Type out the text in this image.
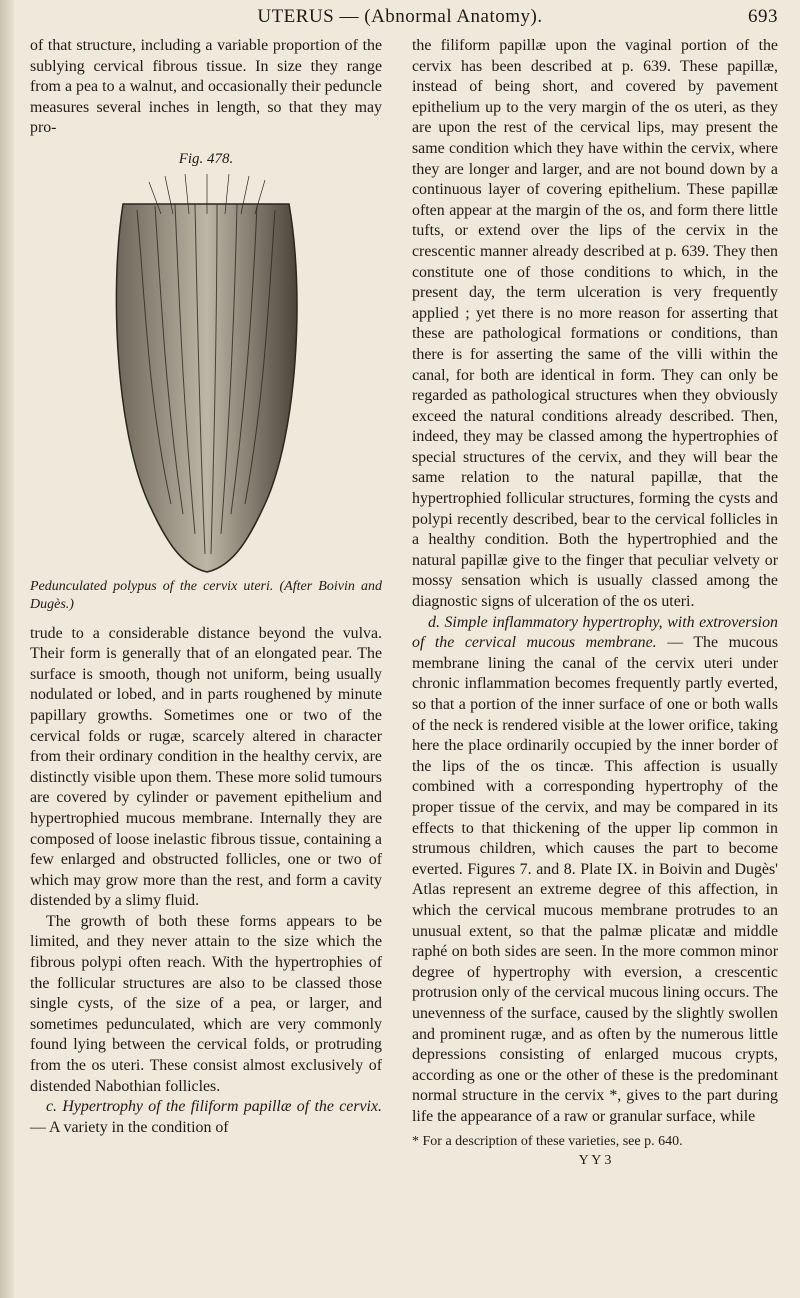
UTERUS — (Abnormal Anatomy).	693

of that structure, including a variable proportion of the sublying cervical fibrous tissue. In size they range from a pea to a walnut, and occasionally their peduncle measures several inches in length, so that they may pro-

Fig. 478.
Pedunculated polypus of the cervix uteri. (After Boivin and Dugès.)

trude to a considerable distance beyond the vulva. Their form is generally that of an elongated pear. The surface is smooth, though not uniform, being usually nodulated or lobed, and in parts roughened by minute papillary growths. Sometimes one or two of the cervical folds or rugæ, scarcely altered in character from their ordinary condition in the healthy cervix, are distinctly visible upon them. These more solid tumours are covered by cylinder or pavement epithelium and hypertrophied mucous membrane. Internally they are composed of loose inelastic fibrous tissue, containing a few enlarged and obstructed follicles, one or two of which may grow more than the rest, and form a cavity distended by a slimy fluid.

The growth of both these forms appears to be limited, and they never attain to the size which the fibrous polypi often reach. With the hypertrophies of the follicular structures are also to be classed those single cysts, of the size of a pea, or larger, and sometimes pedunculated, which are very commonly found lying between the cervical folds, or protruding from the os uteri. These consist almost exclusively of distended Nabothian follicles.

c. Hypertrophy of the filiform papillæ of the cervix. — A variety in the condition of

the filiform papillæ upon the vaginal portion of the cervix has been described at p. 639. These papillæ, instead of being short, and covered by pavement epithelium up to the very margin of the os uteri, as they are upon the rest of the cervical lips, may present the same condition which they have within the cervix, where they are longer and larger, and are not bound down by a continuous layer of covering epithelium. These papillæ often appear at the margin of the os, and form there little tufts, or extend over the lips of the cervix in the crescentic manner already described at p. 639. They then constitute one of those conditions to which, in the present day, the term ulceration is very frequently applied ; yet there is no more reason for asserting that these are pathological formations or conditions, than there is for asserting the same of the villi within the canal, for both are identical in form. They can only be regarded as pathological structures when they obviously exceed the natural conditions already described. Then, indeed, they may be classed among the hypertrophies of special structures of the cervix, and they will bear the same relation to the natural papillæ, that the hypertrophied follicular structures, forming the cysts and polypi recently described, bear to the cervical follicles in a healthy condition. Both the hypertrophied and the natural papillæ give to the finger that peculiar velvety or mossy sensation which is usually classed among the diagnostic signs of ulceration of the os uteri.

d. Simple inflammatory hypertrophy, with extroversion of the cervical mucous membrane. — The mucous membrane lining the canal of the cervix uteri under chronic inflammation becomes frequently partly everted, so that a portion of the inner surface of one or both walls of the neck is rendered visible at the lower orifice, taking here the place ordinarily occupied by the inner border of the lips of the os tincæ. This affection is usually combined with a corresponding hypertrophy of the proper tissue of the cervix, and may be compared in its effects to that thickening of the upper lip common in strumous children, which causes the part to become everted. Figures 7. and 8. Plate IX. in Boivin and Dugès' Atlas represent an extreme degree of this affection, in which the cervical mucous membrane protrudes to an unusual extent, so that the palmæ plicatæ and middle raphé on both sides are seen. In the more common minor degree of hypertrophy with eversion, a crescentic protrusion only of the cervical mucous lining occurs. The unevenness of the surface, caused by the slightly swollen and prominent rugæ, and as often by the numerous little depressions consisting of enlarged mucous crypts, according as one or the other of these is the predominant normal structure in the cervix *, gives to the part during life the appearance of a raw or granular surface, while

* For a description of these varieties, see p. 640.
Y Y 3
